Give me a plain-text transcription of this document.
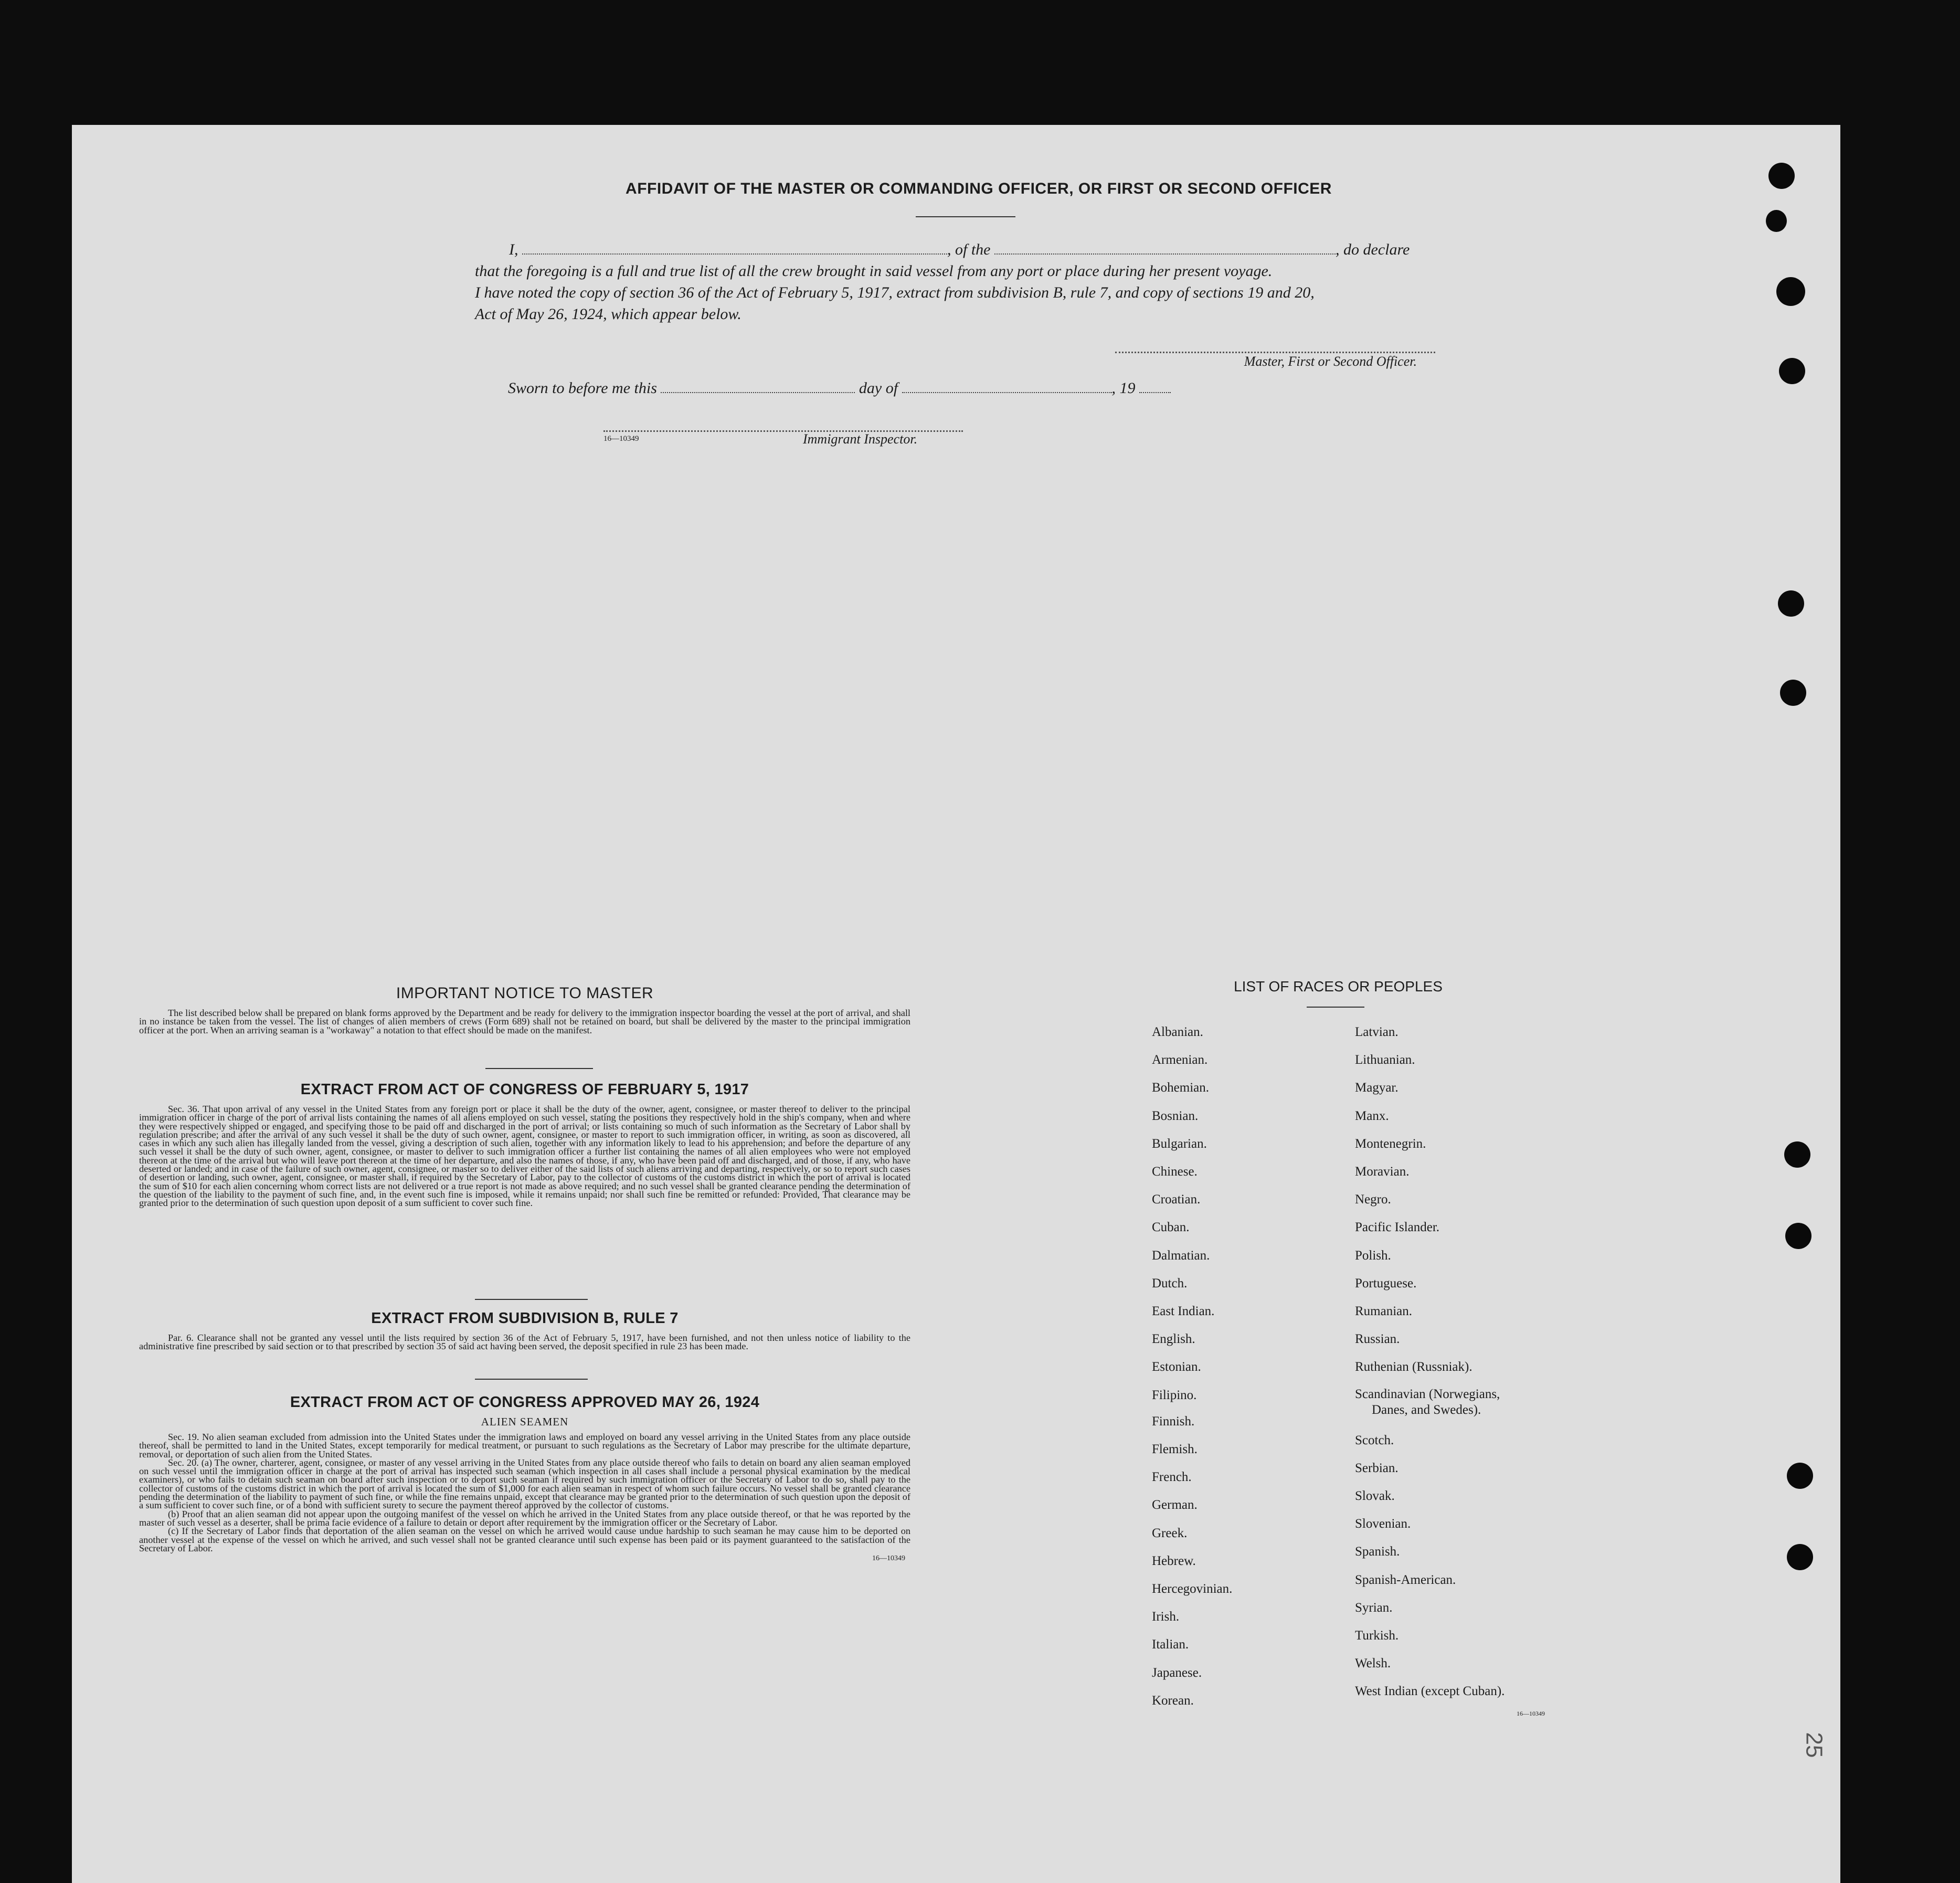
AFFIDAVIT OF THE MASTER OR COMMANDING OFFICER, OR FIRST OR SECOND OFFICER

I,	, of the	, do declare

that the foregoing is a full and true list of all the crew brought in said vessel from any port or place during her present voyage.

I have noted the copy of section 36 of the Act of February 5, 1917, extract from subdivision B, rule 7, and copy of sections 19 and 20,

Act of May 26, 1924, which appear below.

Master, First or Second Officer.
Sworn to before me this	day of	, 19
16—10349	Immigrant Inspector.
IMPORTANT NOTICE TO MASTER

The list described below shall be prepared on blank forms approved by the Department and be ready for delivery to the immigration inspector boarding the vessel at the port of arrival, and shall in no instance be taken from the vessel. The list of changes of alien members of crews (Form 689) shall not be retained on board, but shall be delivered by the master to the principal immigration officer at the port. When an arriving seaman is a "workaway" a notation to that effect should be made on the manifest.

EXTRACT FROM ACT OF CONGRESS OF FEBRUARY 5, 1917

Sec. 36. That upon arrival of any vessel in the United States from any foreign port or place it shall be the duty of the owner, agent, consignee, or master thereof to deliver to the principal immigration officer in charge of the port of arrival lists containing the names of all aliens employed on such vessel, stating the positions they respectively hold in the ship's company, when and where they were respectively shipped or engaged, and specifying those to be paid off and discharged in the port of arrival; or lists containing so much of such information as the Secretary of Labor shall by regulation prescribe; and after the arrival of any such vessel it shall be the duty of such owner, agent, consignee, or master to report to such immigration officer, in writing, as soon as discovered, all cases in which any such alien has illegally landed from the vessel, giving a description of such alien, together with any information likely to lead to his apprehension; and before the departure of any such vessel it shall be the duty of such owner, agent, consignee, or master to deliver to such immigration officer a further list containing the names of all alien employees who were not employed thereon at the time of the arrival but who will leave port thereon at the time of her departure, and also the names of those, if any, who have been paid off and discharged, and of those, if any, who have deserted or landed; and in case of the failure of such owner, agent, consignee, or master so to deliver either of the said lists of such aliens arriving and departing, respectively, or so to report such cases of desertion or landing, such owner, agent, consignee, or master shall, if required by the Secretary of Labor, pay to the collector of customs of the customs district in which the port of arrival is located the sum of $10 for each alien concerning whom correct lists are not delivered or a true report is not made as above required; and no such vessel shall be granted clearance pending the determination of the question of the liability to the payment of such fine, and, in the event such fine is imposed, while it remains unpaid; nor shall such fine be remitted or refunded: Provided, That clearance may be granted prior to the determination of such question upon deposit of a sum sufficient to cover such fine.

EXTRACT FROM SUBDIVISION B, RULE 7

Par. 6. Clearance shall not be granted any vessel until the lists required by section 36 of the Act of February 5, 1917, have been furnished, and not then unless notice of liability to the administrative fine prescribed by said section or to that prescribed by section 35 of said act having been served, the deposit specified in rule 23 has been made.

EXTRACT FROM ACT OF CONGRESS APPROVED MAY 26, 1924
ALIEN SEAMEN

Sec. 19. No alien seaman excluded from admission into the United States under the immigration laws and employed on board any vessel arriving in the United States from any place outside thereof, shall be permitted to land in the United States, except temporarily for medical treatment, or pursuant to such regulations as the Secretary of Labor may prescribe for the ultimate departure, removal, or deportation of such alien from the United States.

Sec. 20. (a) The owner, charterer, agent, consignee, or master of any vessel arriving in the United States from any place outside thereof who fails to detain on board any alien seaman employed on such vessel until the immigration officer in charge at the port of arrival has inspected such seaman (which inspection in all cases shall include a personal physical examination by the medical examiners), or who fails to detain such seaman on board after such inspection or to deport such seaman if required by such immigration officer or the Secretary of Labor to do so, shall pay to the collector of customs of the customs district in which the port of arrival is located the sum of $1,000 for each alien seaman in respect of whom such failure occurs. No vessel shall be granted clearance pending the determination of the liability to payment of such fine, or while the fine remains unpaid, except that clearance may be granted prior to the determination of such question upon the deposit of a sum sufficient to cover such fine, or of a bond with sufficient surety to secure the payment thereof approved by the collector of customs.

(b) Proof that an alien seaman did not appear upon the outgoing manifest of the vessel on which he arrived in the United States from any place outside thereof, or that he was reported by the master of such vessel as a deserter, shall be prima facie evidence of a failure to detain or deport after requirement by the immigration officer or the Secretary of Labor.

(c) If the Secretary of Labor finds that deportation of the alien seaman on the vessel on which he arrived would cause undue hardship to such seaman he may cause him to be deported on another vessel at the expense of the vessel on which he arrived, and such vessel shall not be granted clearance until such expense has been paid or its payment guaranteed to the satisfaction of the Secretary of Labor.

16—10349
LIST OF RACES OR PEOPLES
Albanian.
Armenian.
Bohemian.
Bosnian.
Bulgarian.
Chinese.
Croatian.
Cuban.
Dalmatian.
Dutch.
East Indian.
English.
Estonian.
Filipino.
Finnish.
Flemish.
French.
German.
Greek.
Hebrew.
Hercegovinian.
Irish.
Italian.
Japanese.
Korean.
Latvian.
Lithuanian.
Magyar.
Manx.
Montenegrin.
Moravian.
Negro.
Pacific Islander.
Polish.
Portuguese.
Rumanian.
Russian.
Ruthenian (Russniak).
Scandinavian (Norwegians,
Danes, and Swedes).
Scotch.
Serbian.
Slovak.
Slovenian.
Spanish.
Spanish-American.
Syrian.
Turkish.
Welsh.
West Indian (except Cuban).
16—10349
25
